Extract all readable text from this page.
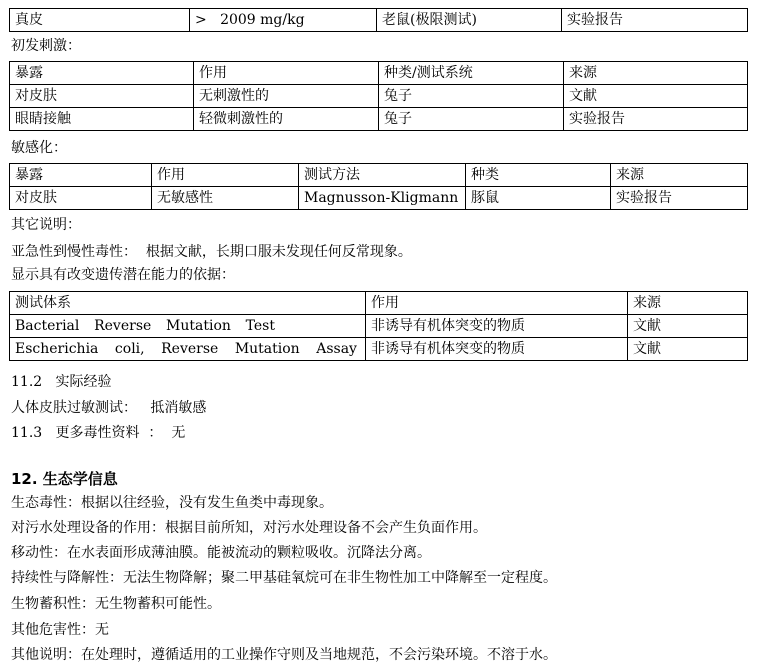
真皮	>   2009 mg/kg	老鼠(极限测试)	实验报告
初发刺激：
暴露	作用	种类/测试系统	来源
对皮肤	无刺激性的	兔子	文献
眼睛接触	轻微刺激性的	兔子	实验报告
敏感化：
暴露	作用	测试方法	种类	来源
对皮肤	无敏感性	Magnusson-Kligmann	豚鼠	实验报告
其它说明：
亚急性到慢性毒性：  根据文献，长期口服未发现任何反常现象。
显示具有改变遗传潜在能力的依据：
测试体系	作用	来源

Bacterial Reverse Mutation Test	非诱导有机体突变的物质	文献

Escherichia coli, Reverse Mutation Assay	非诱导有机体突变的物质	文献
11.2   实际经验
人体皮肤过敏测试：   抵消敏感
11.3   更多毒性资料  ：  无
12. 生态学信息
生态毒性：根据以往经验，没有发生鱼类中毒现象。
对污水处理设备的作用：根据目前所知，对污水处理设备不会产生负面作用。
移动性：在水表面形成薄油膜。能被流动的颗粒吸收。沉降法分离。
持续性与降解性：无法生物降解；聚二甲基硅氧烷可在非生物性加工中降解至一定程度。
生物蓄积性：无生物蓄积可能性。
其他危害性：无
其他说明：在处理时，遵循适用的工业操作守则及当地规范，不会污染环境。不溶于水。
